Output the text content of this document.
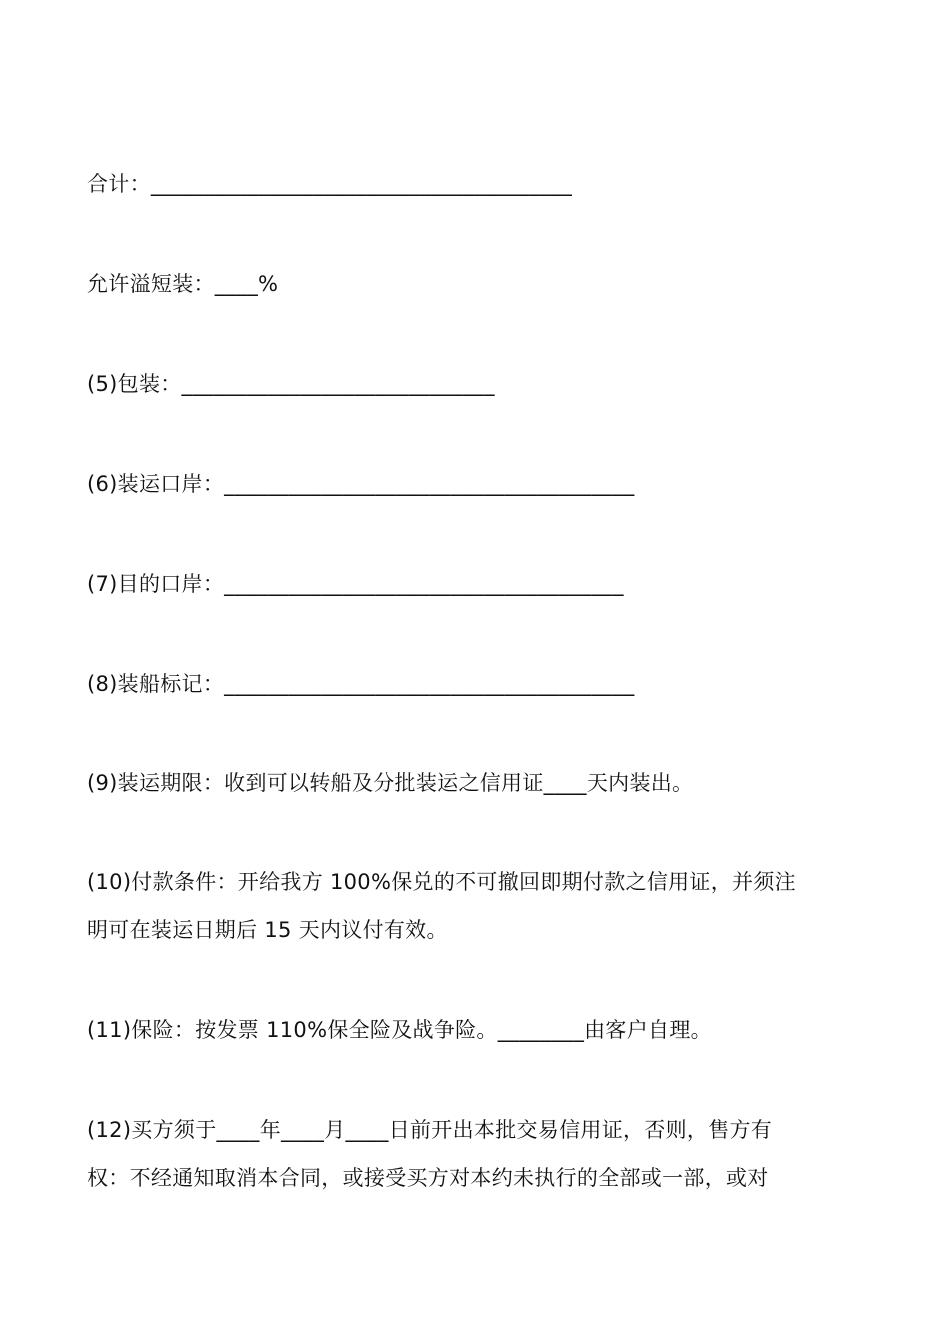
合计：_______________________________________
允许溢短装：____%
(5)包装：_____________________________
(6)装运口岸：______________________________________
(7)目的口岸：_____________________________________
(8)装船标记：______________________________________
(9)装运期限：收到可以转船及分批装运之信用证____天内装出。
(10)付款条件：开给我方 100%保兑的不可撤回即期付款之信用证，并须注
明可在装运日期后 15 天内议付有效。
(11)保险：按发票 110%保全险及战争险。________由客户自理。
(12)买方须于____年____月____日前开出本批交易信用证，否则，售方有
权：不经通知取消本合同，或接受买方对本约未执行的全部或一部，或对
